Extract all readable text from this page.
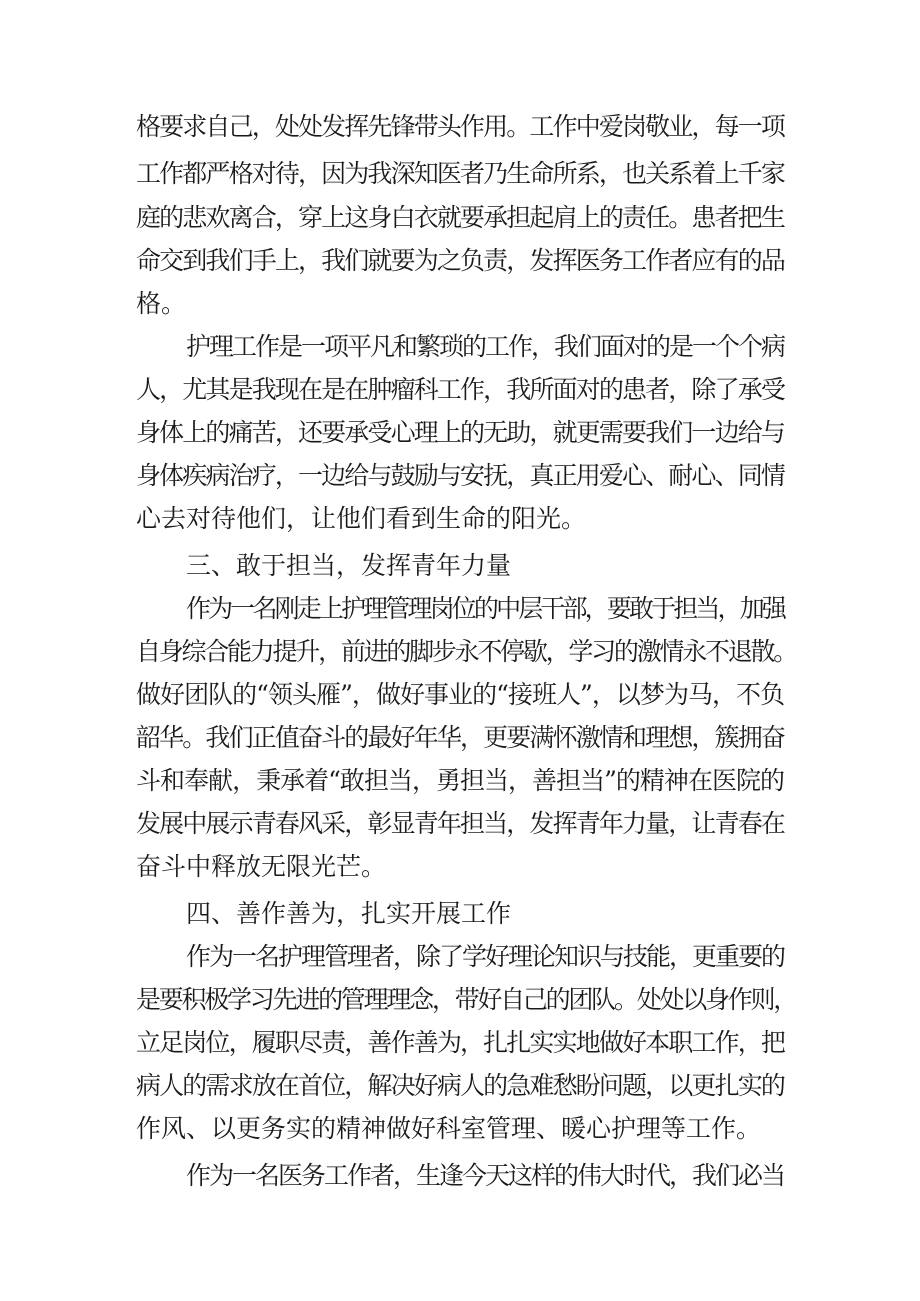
格要求自己，处处发挥先锋带头作用。工作中爱岗敬业，每一项
工作都严格对待，因为我深知医者乃生命所系，也关系着上千家
庭的悲欢离合，穿上这身白衣就要承担起肩上的责任。患者把生
命交到我们手上，我们就要为之负责，发挥医务工作者应有的品
格。
护理工作是一项平凡和繁琐的工作，我们面对的是一个个病
人，尤其是我现在是在肿瘤科工作，我所面对的患者，除了承受
身体上的痛苦，还要承受心理上的无助，就更需要我们一边给与
身体疾病治疗，一边给与鼓励与安抚，真正用爱心、耐心、同情
心去对待他们，让他们看到生命的阳光。
三、敢于担当，发挥青年力量
作为一名刚走上护理管理岗位的中层干部，要敢于担当，加强
自身综合能力提升，前进的脚步永不停歇，学习的激情永不退散。
做好团队的“领头雁”，做好事业的“接班人”，以梦为马，不负
韶华。我们正值奋斗的最好年华，更要满怀激情和理想，簇拥奋
斗和奉献，秉承着“敢担当，勇担当，善担当”的精神在医院的
发展中展示青春风采，彰显青年担当，发挥青年力量，让青春在
奋斗中释放无限光芒。
四、善作善为，扎实开展工作
作为一名护理管理者，除了学好理论知识与技能，更重要的
是要积极学习先进的管理理念，带好自己的团队。处处以身作则，
立足岗位，履职尽责，善作善为，扎扎实实地做好本职工作，把
病人的需求放在首位，解决好病人的急难愁盼问题，以更扎实的
作风、以更务实的精神做好科室管理、暖心护理等工作。
作为一名医务工作者，生逢今天这样的伟大时代，我们必当
